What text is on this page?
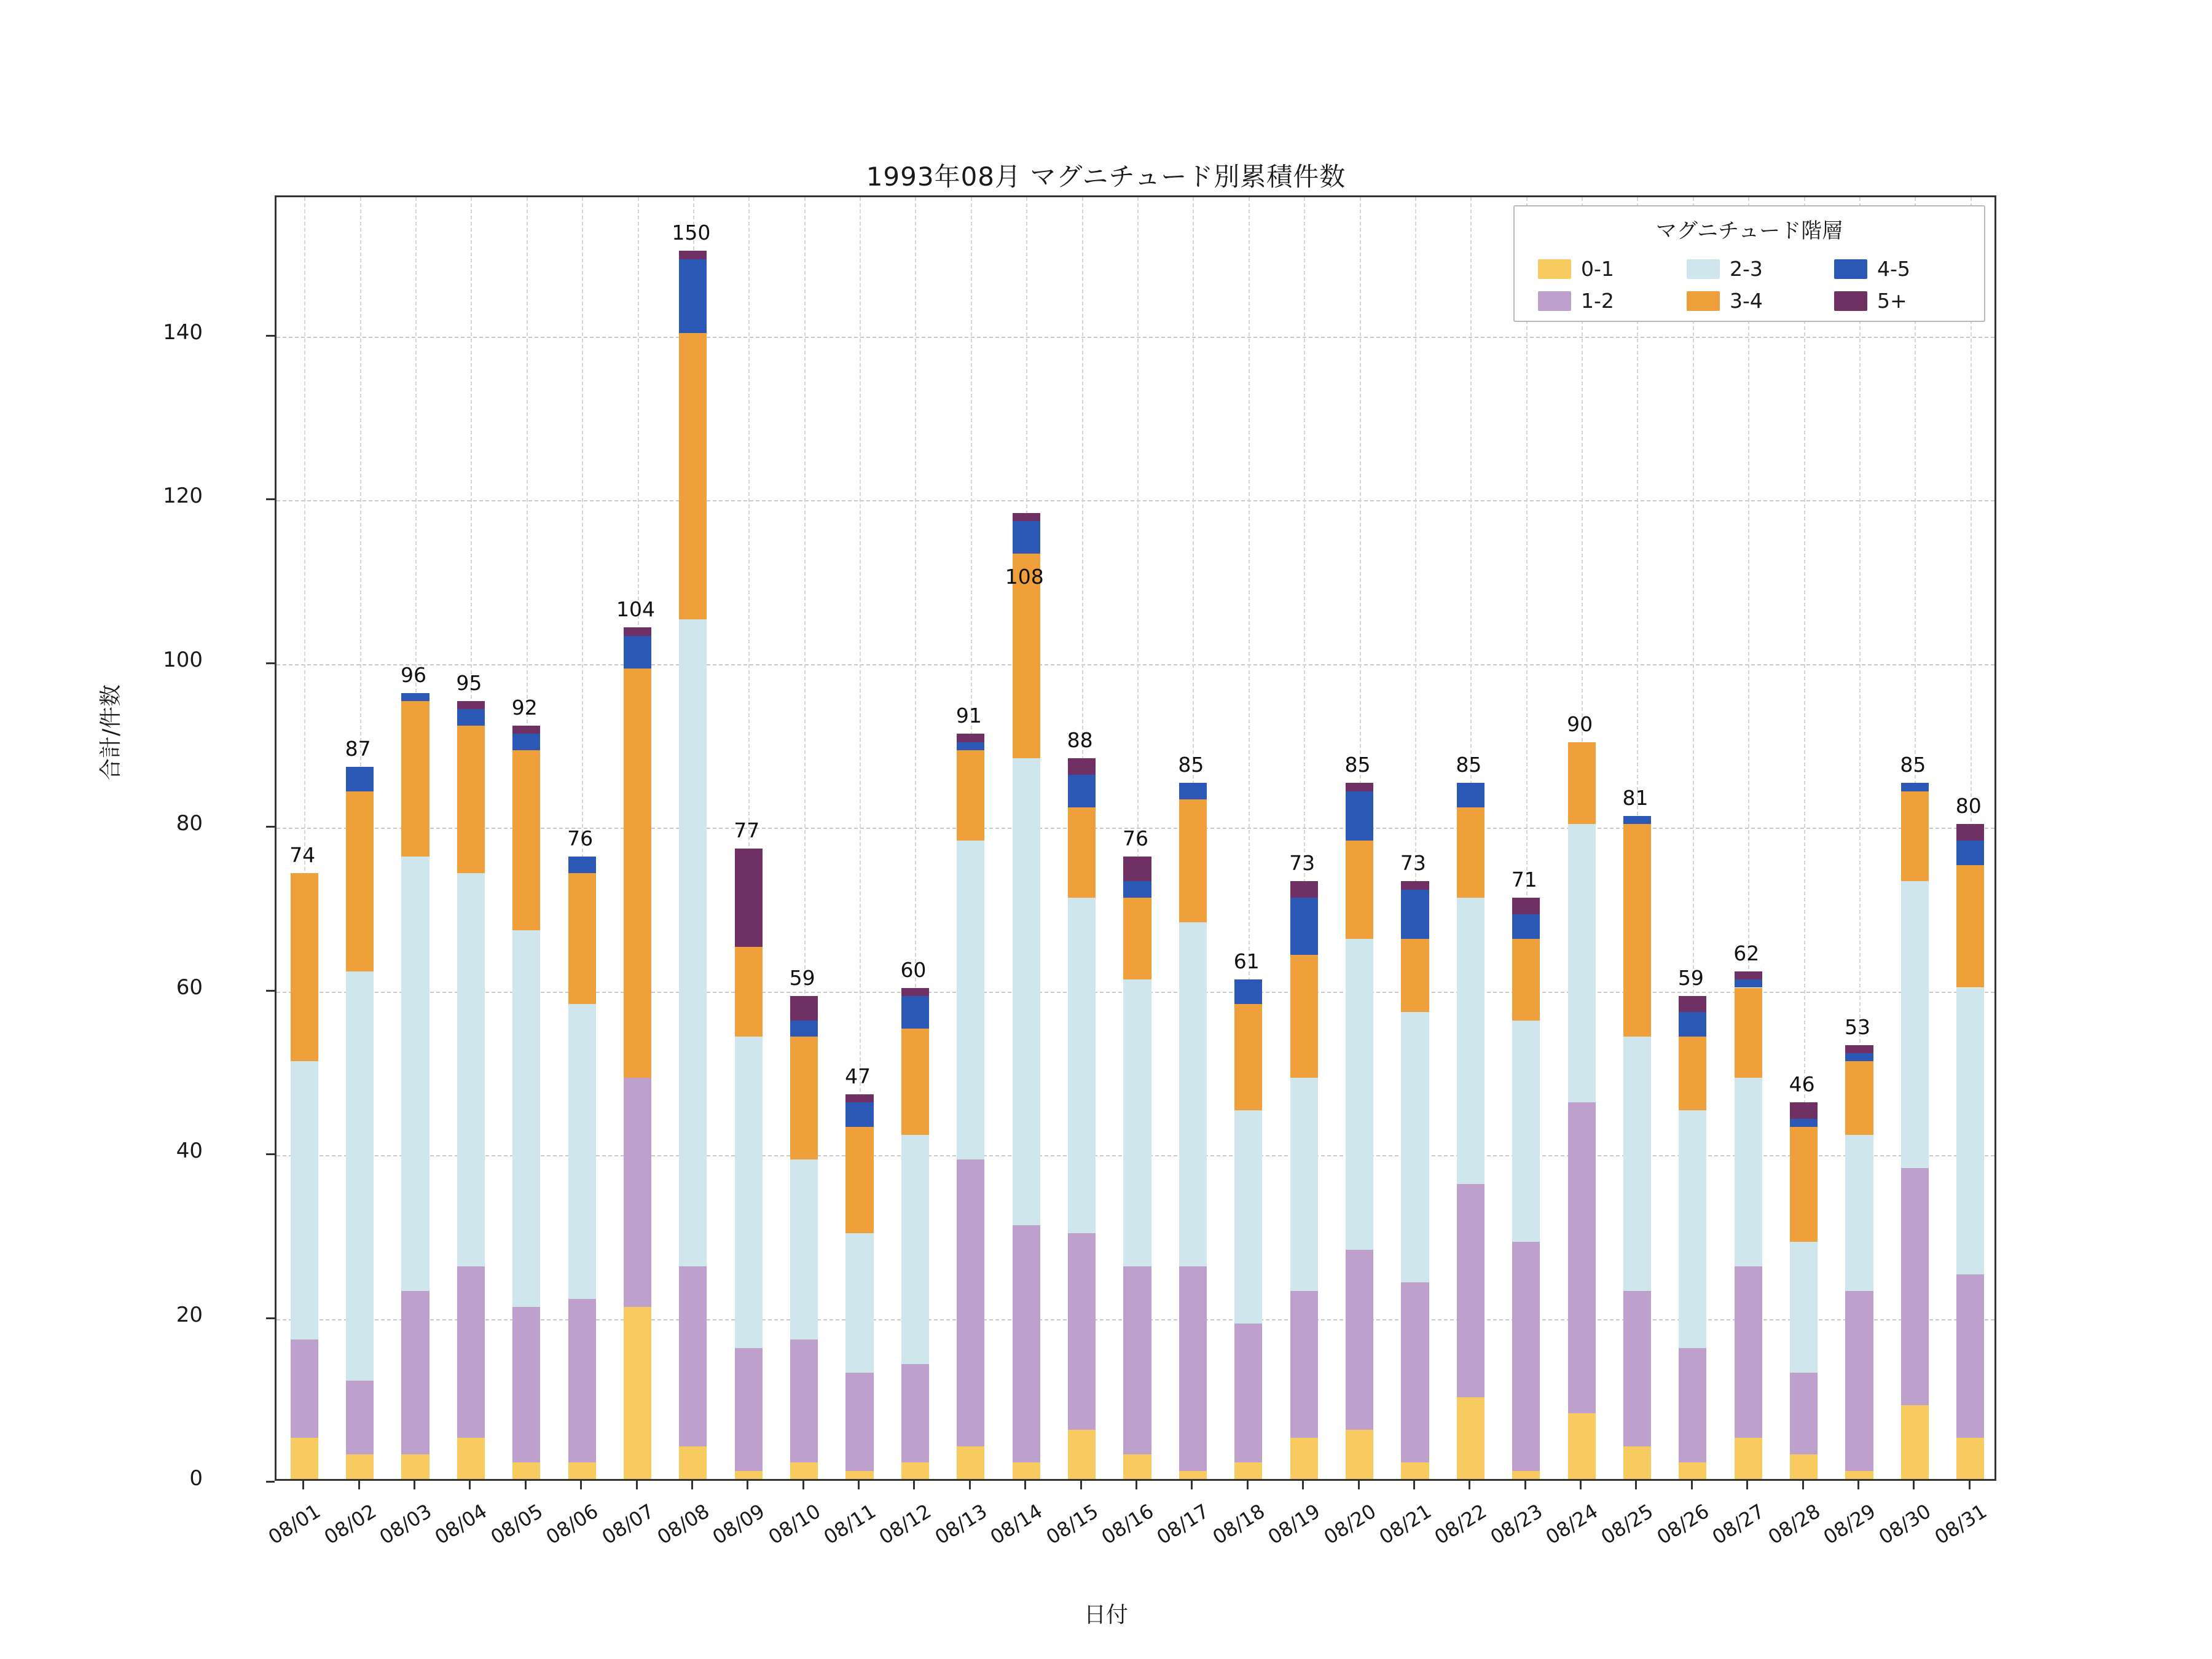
1993年08月 マグニチュード別累積件数
合計/件数
日付
マグニチュード階層
0-1
1-2
2-3
3-4
4-5
5+
0
20
40
60
80
100
120
140
74
08/01
87
08/02
96
08/03
95
08/04
92
08/05
76
08/06
104
08/07
150
08/08
77
08/09
59
08/10
47
08/11
60
08/12
91
08/13
108
08/14
88
08/15
76
08/16
85
08/17
61
08/18
73
08/19
85
08/20
73
08/21
85
08/22
71
08/23
90
08/24
81
08/25
59
08/26
62
08/27
46
08/28
53
08/29
85
08/30
80
08/31
